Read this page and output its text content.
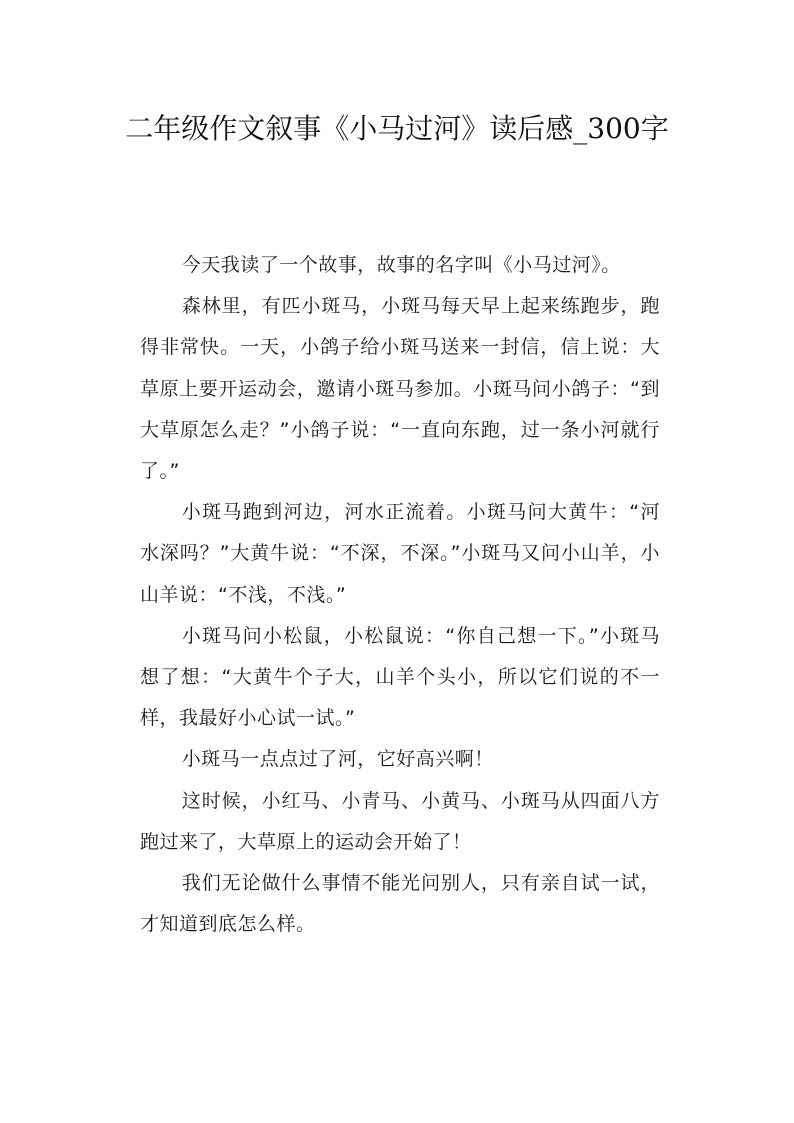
二年级作文叙事《小马过河》读后感_300字

今天我读了一个故事，故事的名字叫《小马过河》。

森林里，有匹小斑马，小斑马每天早上起来练跑步，跑得非常快。一天，小鸽子给小斑马送来一封信，信上说：大草原上要开运动会，邀请小斑马参加。小斑马问小鸽子：“到大草原怎么走？”小鸽子说：“一直向东跑，过一条小河就行了。”

小斑马跑到河边，河水正流着。小斑马问大黄牛：“河水深吗？”大黄牛说：“不深，不深。”小斑马又问小山羊，小山羊说：“不浅，不浅。”

小斑马问小松鼠，小松鼠说：“你自己想一下。”小斑马想了想：“大黄牛个子大，山羊个头小，所以它们说的不一样，我最好小心试一试。”

小斑马一点点过了河，它好高兴啊！

这时候，小红马、小青马、小黄马、小斑马从四面八方跑过来了，大草原上的运动会开始了！

我们无论做什么事情不能光问别人，只有亲自试一试，才知道到底怎么样。
